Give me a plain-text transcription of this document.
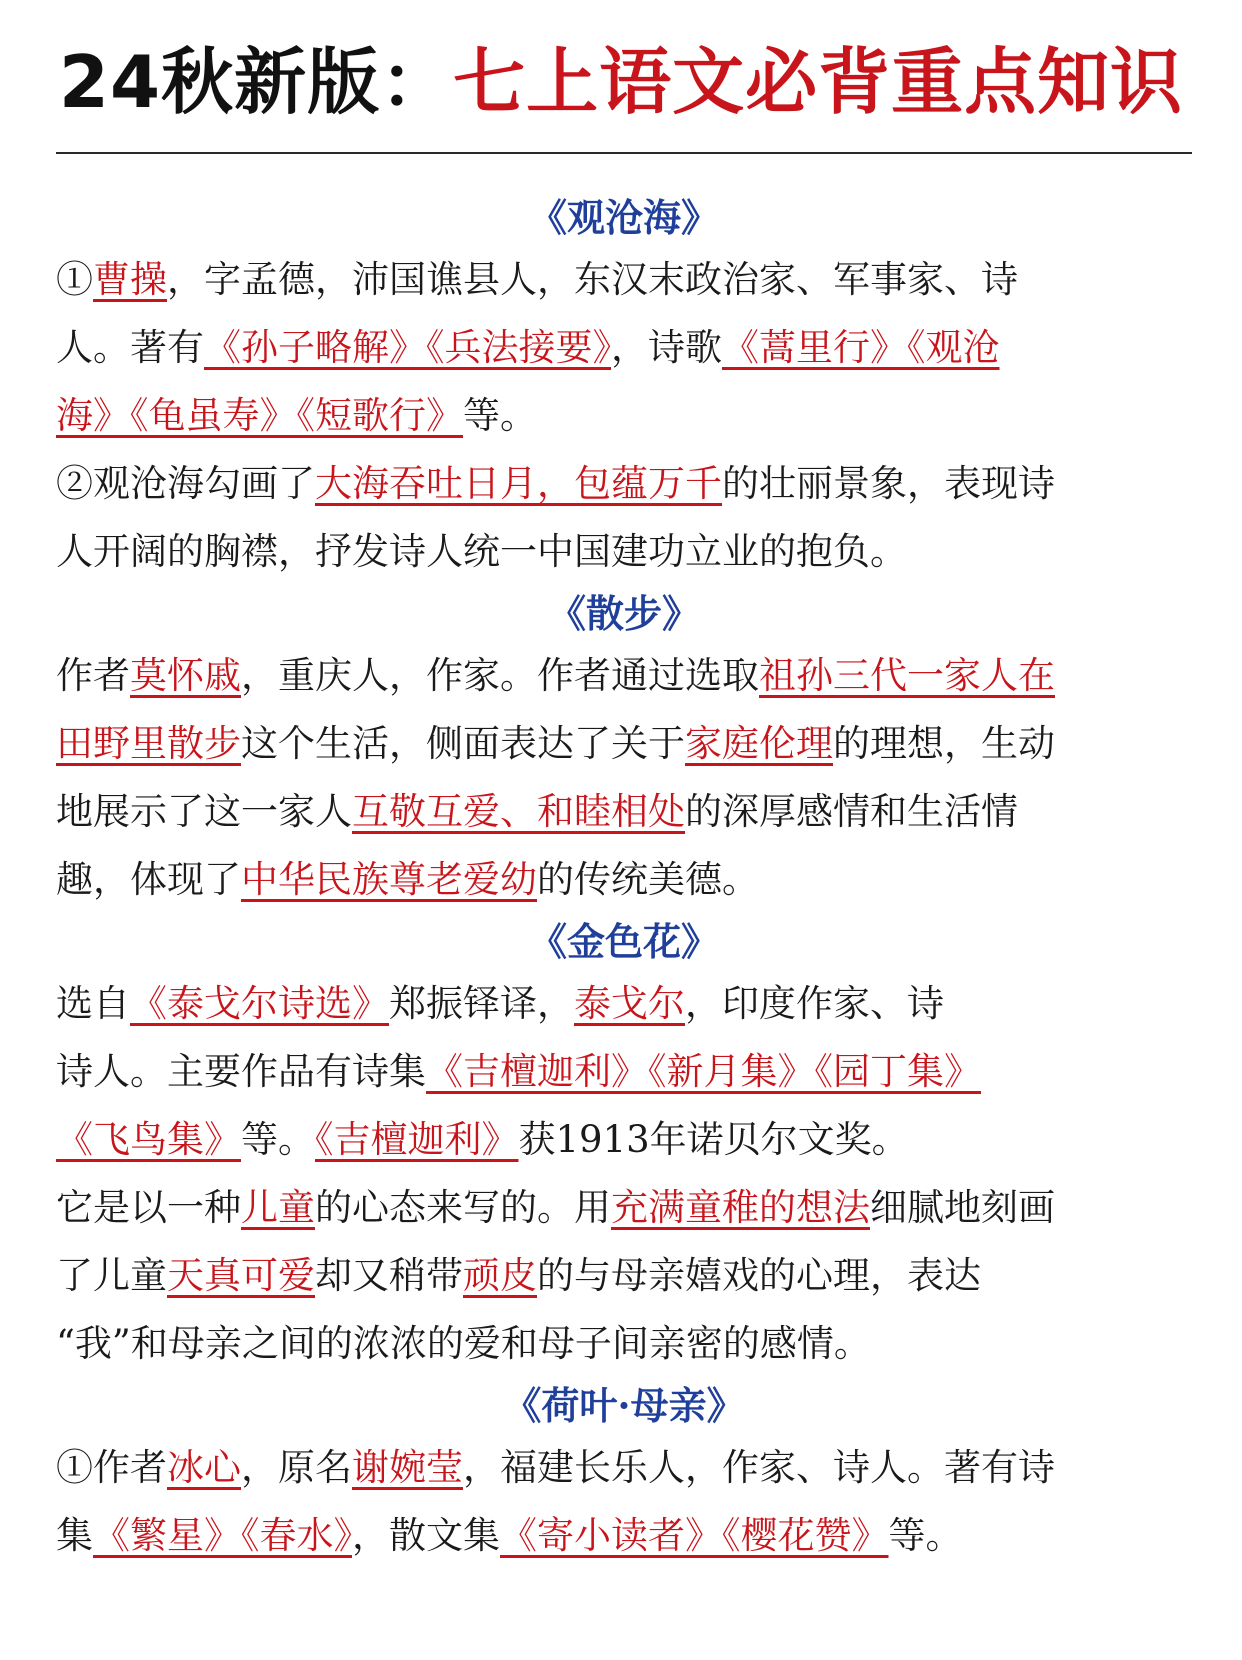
24秋新版：七上语文必背重点知识
《观沧海》
①曹操，字孟德，沛国谯县人，东汉末政治家、军事家、诗
人。著有《孙子略解》《兵法接要》，诗歌《蒿里行》《观沧
海》《龟虽寿》《短歌行》等。
②观沧海勾画了大海吞吐日月，包蕴万千的壮丽景象，表现诗
人开阔的胸襟，抒发诗人统一中国建功立业的抱负。
《散步》
作者莫怀戚，重庆人，作家。作者通过选取祖孙三代一家人在
田野里散步这个生活，侧面表达了关于家庭伦理的理想，生动
地展示了这一家人互敬互爱、和睦相处的深厚感情和生活情
趣，体现了中华民族尊老爱幼的传统美德。
《金色花》
选自《泰戈尔诗选》郑振铎译，泰戈尔，印度作家、诗
诗人。主要作品有诗集《吉檀迦利》《新月集》《园丁集》
《飞鸟集》等。《吉檀迦利》获1913年诺贝尔文奖。
它是以一种儿童的心态来写的。用充满童稚的想法细腻地刻画
了儿童天真可爱却又稍带顽皮的与母亲嬉戏的心理，表达
“我”和母亲之间的浓浓的爱和母子间亲密的感情。
《荷叶·母亲》
①作者冰心，原名谢婉莹，福建长乐人，作家、诗人。著有诗
集《繁星》《春水》，散文集《寄小读者》《樱花赞》等。
